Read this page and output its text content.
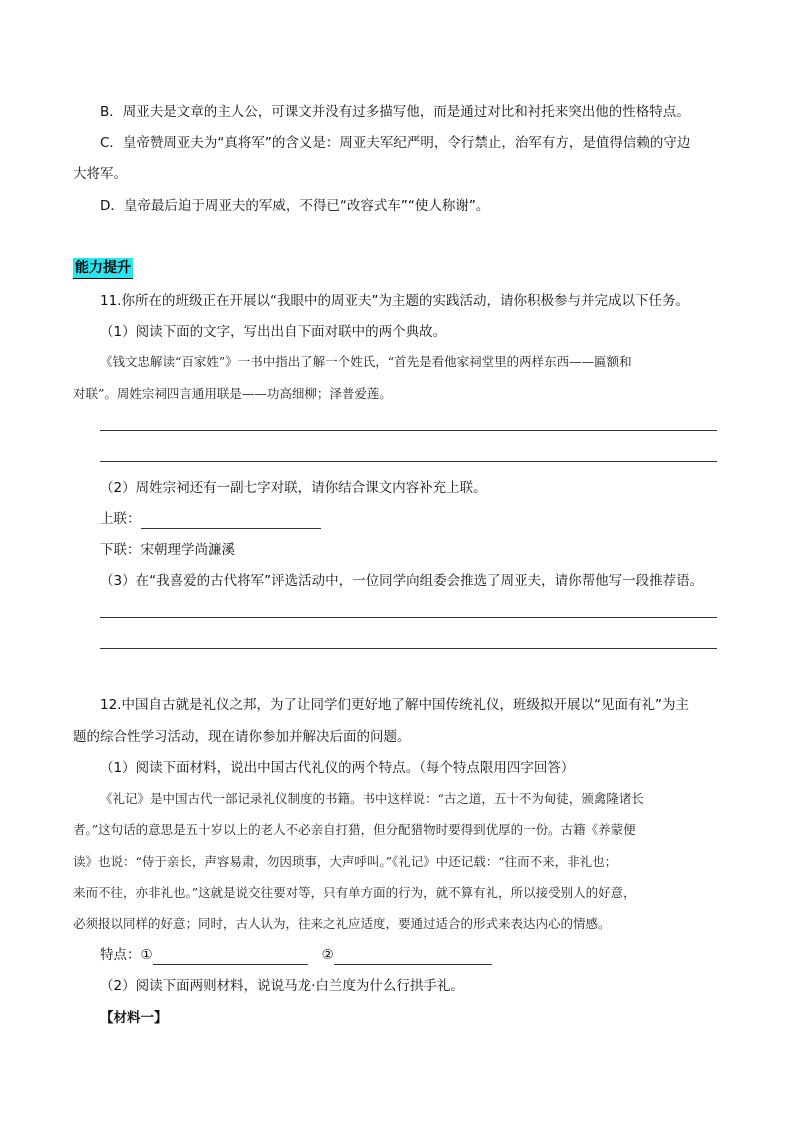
B．周亚夫是文章的主人公，可课文并没有过多描写他，而是通过对比和衬托来突出他的性格特点。
C．皇帝赞周亚夫为“真将军”的含义是：周亚夫军纪严明，令行禁止，治军有方，是值得信赖的守边
大将军。
D．皇帝最后迫于周亚夫的军威，不得已“改容式车”“使人称谢”。
能力提升
11.你所在的班级正在开展以“我眼中的周亚夫”为主题的实践活动，请你积极参与并完成以下任务。
（1）阅读下面的文字，写出出自下面对联中的两个典故。
《钱文忠解读“百家姓”》一书中指出了解一个姓氏，“首先是看他家祠堂里的两样东西——匾额和
对联”。周姓宗祠四言通用联是——功高细柳；泽普爱莲。
（2）周姓宗祠还有一副七字对联，请你结合课文内容补充上联。
上联：
下联：宋朝理学尚濂溪
（3）在“我喜爱的古代将军”评选活动中，一位同学向组委会推选了周亚夫，请你帮他写一段推荐语。
12.中国自古就是礼仪之邦，为了让同学们更好地了解中国传统礼仪，班级拟开展以“见面有礼”为主
题的综合性学习活动，现在请你参加并解决后面的问题。
（1）阅读下面材料，说出中国古代礼仪的两个特点。（每个特点限用四字回答）
《礼记》是中国古代一部记录礼仪制度的书籍。书中这样说：“古之道，五十不为甸徒，颁禽隆诸长
者。”这句话的意思是五十岁以上的老人不必亲自打猎，但分配猎物时要得到优厚的一份。古籍《养蒙便
读》也说：“侍于亲长，声容易肃，勿因琐事，大声呼叫。”《礼记》中还记载：“往而不来，非礼也；
来而不往，亦非礼也。”这就是说交往要对等，只有单方面的行为，就不算有礼，所以接受别人的好意，
必须报以同样的好意；同时，古人认为，往来之礼应适度，要通过适合的形式来表达内心的情感。
特点：①	②
（2）阅读下面两则材料，说说马龙·白兰度为什么行拱手礼。
【材料一】
